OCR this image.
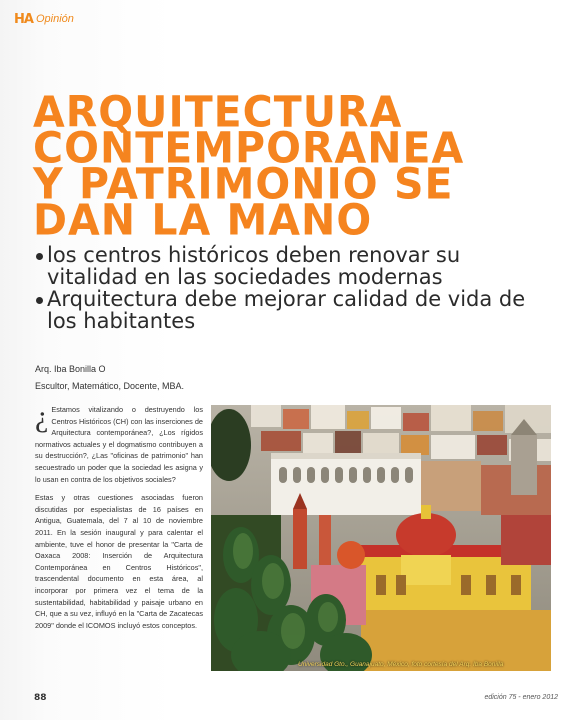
HA Opinión
ARQUITECTURA
CONTEMPORANEA
Y PATRIMONIO SE
DAN LA MANO
los centros históricos deben renovar su vitalidad en las sociedades modernas
Arquitectura debe mejorar calidad de vida de los habitantes
Arq. Iba Bonilla O
Escultor, Matemático, Docente, MBA.

¿ Estamos vitalizando o destruyendo los Centros Históricos (CH) con las inserciones de Arquitectura contemporánea?, ¿Los rígidos normativos actuales y el dogmatismo contribuyen a su destrucción?, ¿Las "oficinas de patrimonio" han secuestrado un poder que la sociedad les asigna y lo usan en contra de los objetivos sociales?

Estas y otras cuestiones asociadas fueron discutidas por especialistas de 16 países en Antigua, Guatemala, del 7 al 10 de noviembre 2011. En la sesión inaugural y para calentar el ambiente, tuve el honor de presentar la "Carta de Oaxaca 2008: Inserción de Arquitectura Contemporánea en Centros Históricos", trascendental documento en esta área, al incorporar por primera vez el tema de la sustentabilidad, habitabilidad y paisaje urbano en CH, que a su vez, influyó en la "Carta de Zacatecas 2009" donde el ICOMOS incluyó estos conceptos.

Universidad Gto., Guanajuato, México, foto cortesía del Arq. Iba Bonilla
88	edición 75 - enero 2012
